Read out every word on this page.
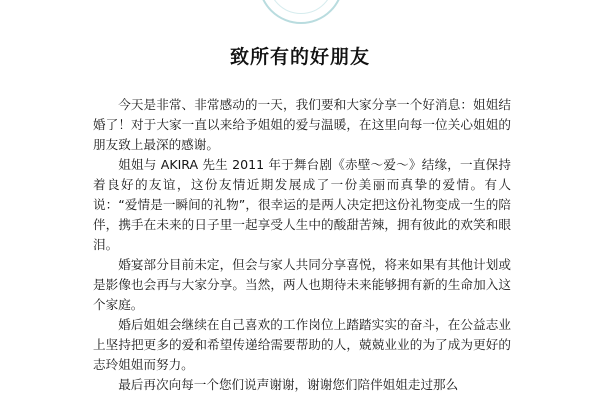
致所有的好朋友

今天是非常、非常感动的一天，我们要和大家分享一个好消息：姐姐结婚了！对于大家一直以来给予姐姐的爱与温暖，在这里向每一位关心姐姐的朋友致上最深的感谢。

姐姐与 AKIRA 先生 2011 年于舞台剧《赤壁～爱～》结缘，一直保持着良好的友谊，这份友情近期发展成了一份美丽而真挚的爱情。有人说：“爱情是一瞬间的礼物”，很幸运的是两人决定把这份礼物变成一生的陪伴，携手在未来的日子里一起享受人生中的酸甜苦辣，拥有彼此的欢笑和眼泪。

婚宴部分目前未定，但会与家人共同分享喜悦，将来如果有其他计划或是影像也会再与大家分享。当然，两人也期待未来能够拥有新的生命加入这个家庭。

婚后姐姐会继续在自己喜欢的工作岗位上踏踏实实的奋斗，在公益志业上坚持把更多的爱和希望传递给需要帮助的人，兢兢业业的为了成为更好的志玲姐姐而努力。

最后再次向每一个您们说声谢谢，谢谢您们陪伴姐姐走过那么
